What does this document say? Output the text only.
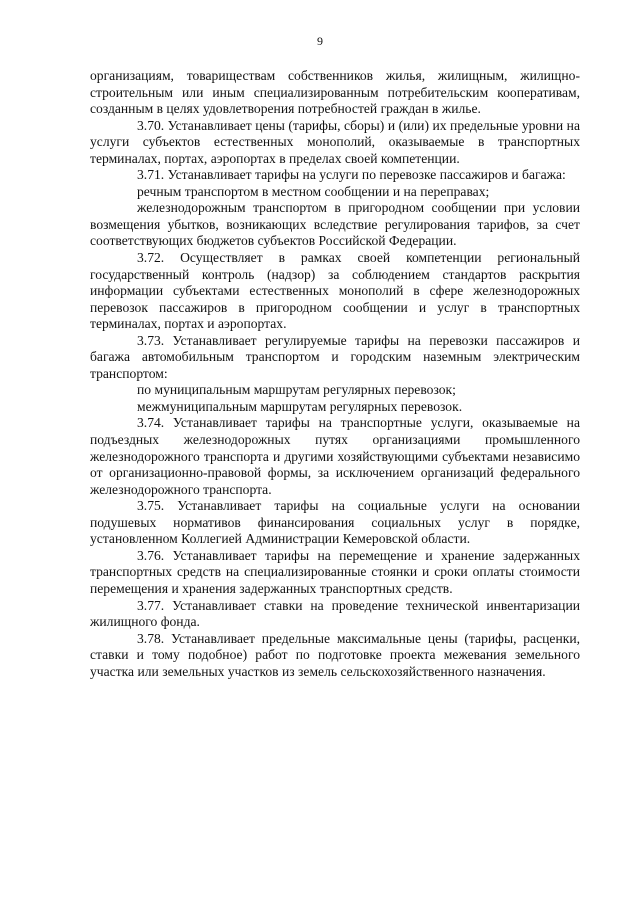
9

организациям, товариществам собственников жилья, жилищным, жилищно-строительным или иным специализированным потребительским кооперативам, созданным в целях удовлетворения потребностей граждан в жилье.

3.70. Устанавливает цены (тарифы, сборы) и (или) их предельные уровни на услуги субъектов естественных монополий, оказываемые в транспортных терминалах, портах, аэропортах в пределах своей компетенции.

3.71. Устанавливает тарифы на услуги по перевозке пассажиров и багажа:

речным транспортом в местном сообщении и на переправах;

железнодорожным транспортом в пригородном сообщении при условии возмещения убытков, возникающих вследствие регулирования тарифов, за счет соответствующих бюджетов субъектов Российской Федерации.

3.72. Осуществляет в рамках своей компетенции региональный государственный контроль (надзор) за соблюдением стандартов раскрытия информации субъектами естественных монополий в сфере железнодорожных перевозок пассажиров в пригородном сообщении и услуг в транспортных терминалах, портах и аэропортах.

3.73. Устанавливает регулируемые тарифы на перевозки пассажиров и багажа автомобильным транспортом и городским наземным электрическим транспортом:

по муниципальным маршрутам регулярных перевозок;

межмуниципальным маршрутам регулярных перевозок.

3.74. Устанавливает тарифы на транспортные услуги, оказываемые на подъездных железнодорожных путях организациями промышленного железнодорожного транспорта и другими хозяйствующими субъектами независимо от организационно-правовой формы, за исключением организаций федерального железнодорожного транспорта.

3.75. Устанавливает тарифы на социальные услуги на основании подушевых нормативов финансирования социальных услуг в порядке, установленном Коллегией Администрации Кемеровской области.

3.76. Устанавливает тарифы на перемещение и хранение задержанных транспортных средств на специализированные стоянки и сроки оплаты стоимости перемещения и хранения задержанных транспортных средств.

3.77. Устанавливает ставки на проведение технической инвентаризации жилищного фонда.

3.78. Устанавливает предельные максимальные цены (тарифы, расценки, ставки и тому подобное) работ по подготовке проекта межевания земельного участка или земельных участков из земель сельскохозяйственного назначения.
